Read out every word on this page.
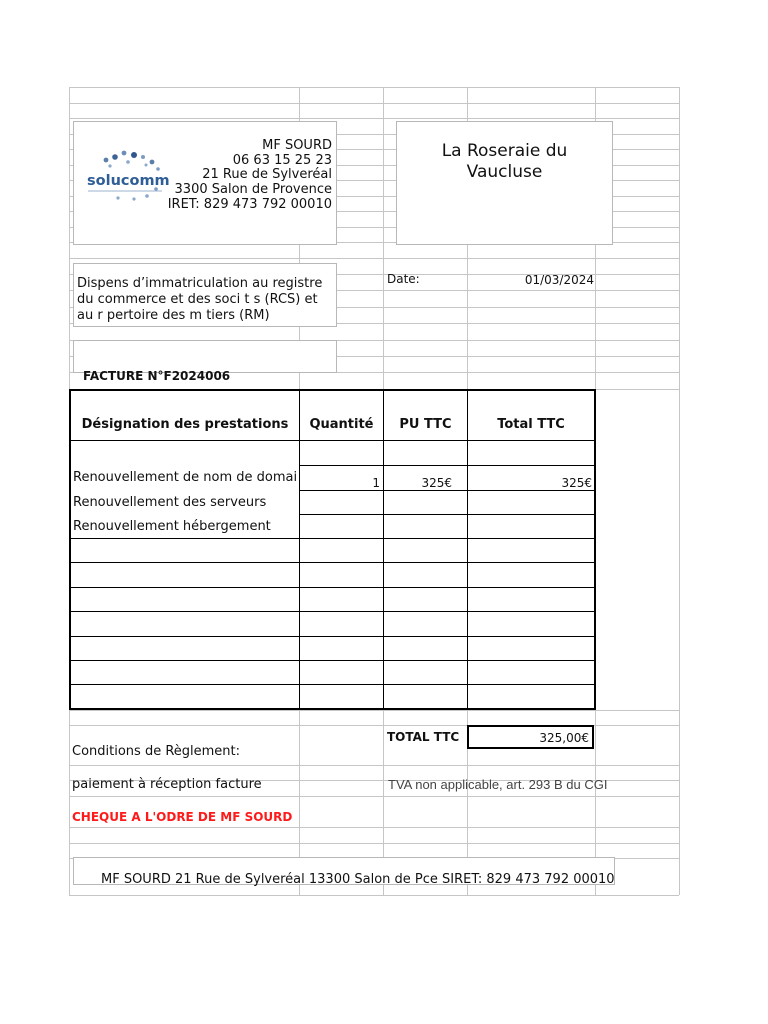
solucomm
MF SOURD
06 63 15 25 23
21 Rue de Sylveréal
3300 Salon de Provence
IRET: 829 473 792 00010
La Roseraie du
Vaucluse
Dispens d’immatriculation au registre
du commerce et des soci t s (RCS) et
au r pertoire des m tiers (RM)
Date:	01/03/2024
FACTURE N°F2024006
Désignation des prestations	Quantité	PU TTC	Total TTC
Renouvellement de nom de domai	1	325€	325€
Renouvellement des serveurs
Renouvellement hébergement
TOTAL TTC	325,00€
Conditions de Règlement:
paiement à réception facture	TVA non applicable, art. 293 B du CGI
CHEQUE A L'ODRE DE MF SOURD
MF SOURD 21 Rue de Sylveréal 13300 Salon de Pce SIRET: 829 473 792 00010
